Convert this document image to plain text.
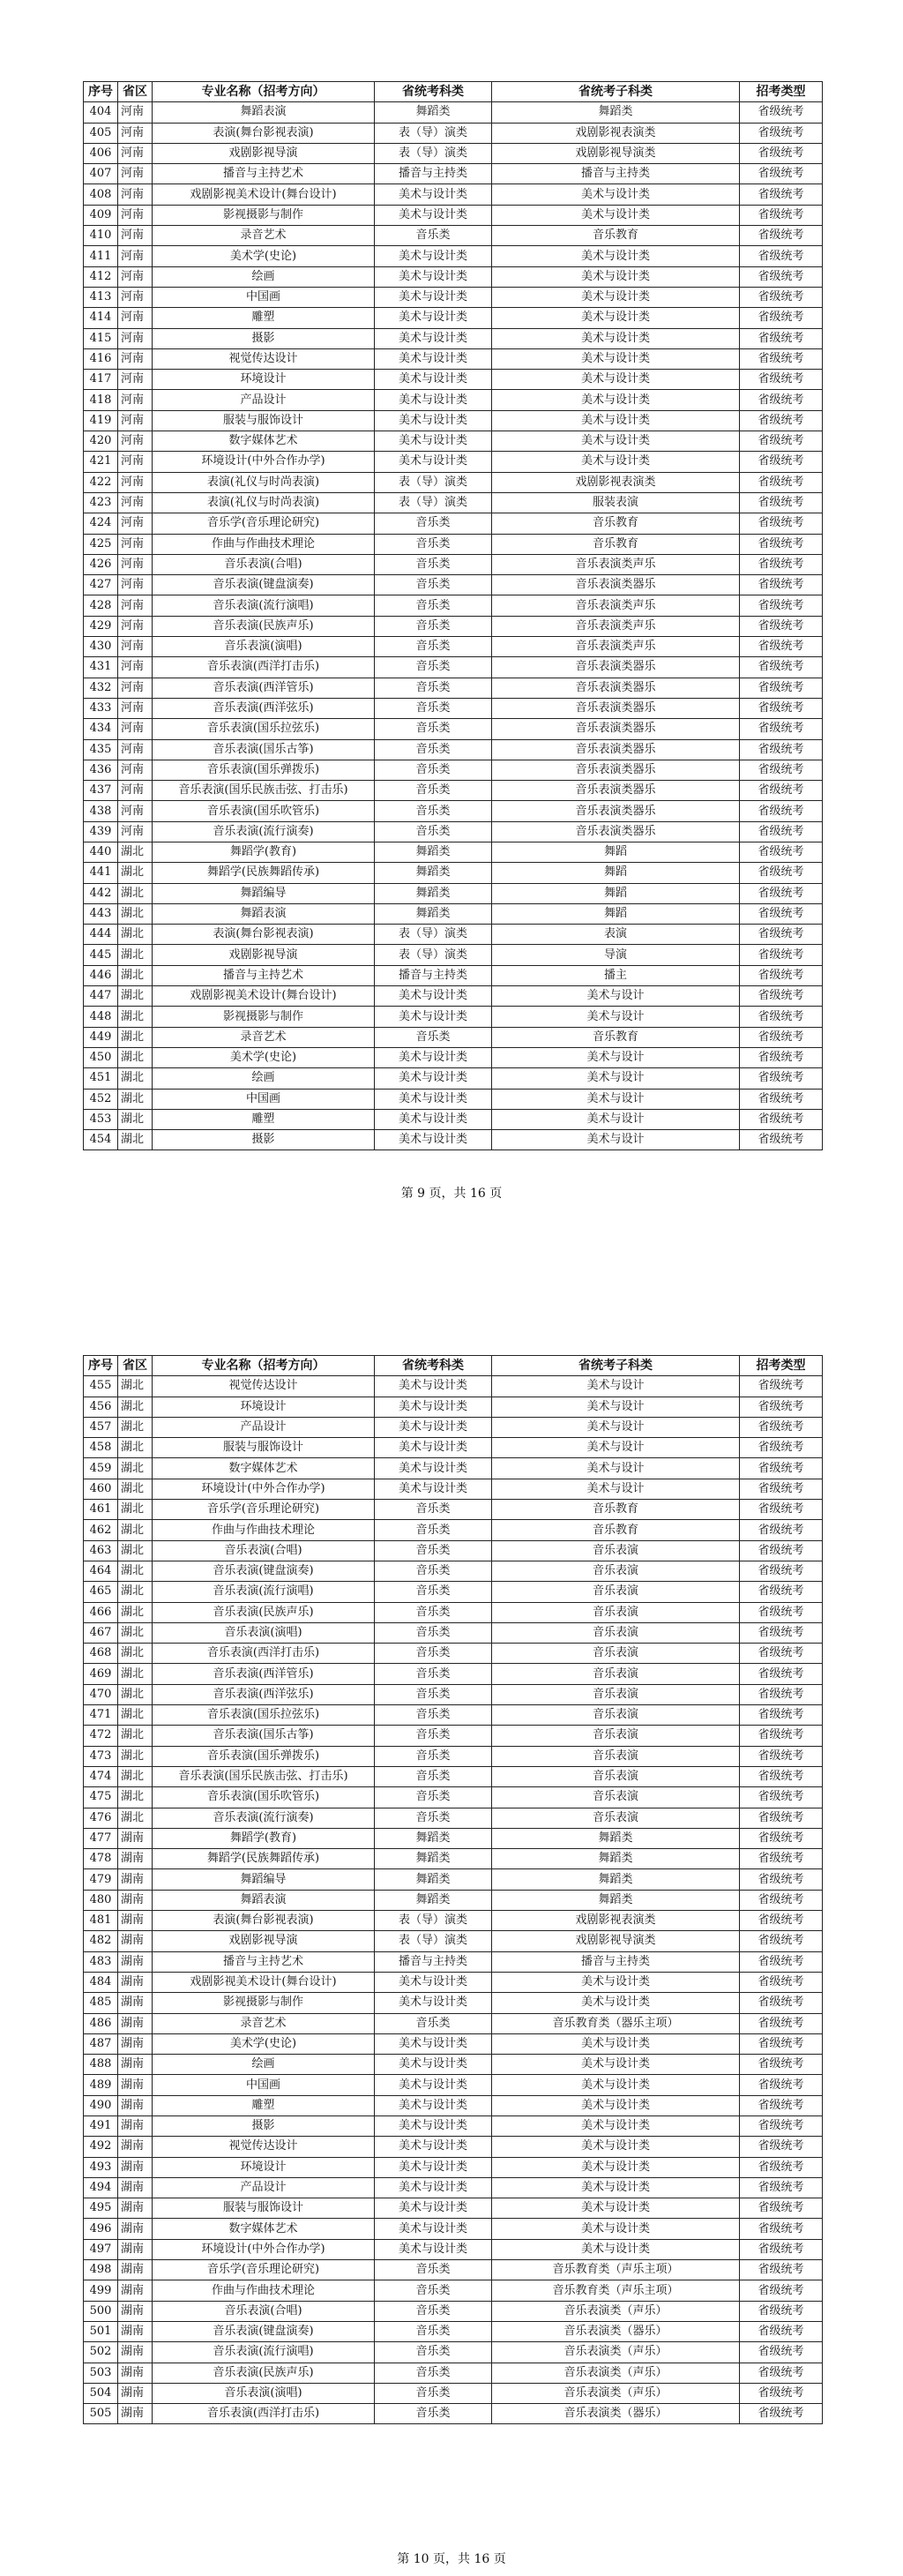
序号	省区	专业名称（招考方向）	省统考科类	省统考子科类	招考类型
404	河南	舞蹈表演	舞蹈类	舞蹈类	省级统考
405	河南	表演(舞台影视表演)	表（导）演类	戏剧影视表演类	省级统考
406	河南	戏剧影视导演	表（导）演类	戏剧影视导演类	省级统考
407	河南	播音与主持艺术	播音与主持类	播音与主持类	省级统考
408	河南	戏剧影视美术设计(舞台设计)	美术与设计类	美术与设计类	省级统考
409	河南	影视摄影与制作	美术与设计类	美术与设计类	省级统考
410	河南	录音艺术	音乐类	音乐教育	省级统考
411	河南	美术学(史论)	美术与设计类	美术与设计类	省级统考
412	河南	绘画	美术与设计类	美术与设计类	省级统考
413	河南	中国画	美术与设计类	美术与设计类	省级统考
414	河南	雕塑	美术与设计类	美术与设计类	省级统考
415	河南	摄影	美术与设计类	美术与设计类	省级统考
416	河南	视觉传达设计	美术与设计类	美术与设计类	省级统考
417	河南	环境设计	美术与设计类	美术与设计类	省级统考
418	河南	产品设计	美术与设计类	美术与设计类	省级统考
419	河南	服装与服饰设计	美术与设计类	美术与设计类	省级统考
420	河南	数字媒体艺术	美术与设计类	美术与设计类	省级统考
421	河南	环境设计(中外合作办学)	美术与设计类	美术与设计类	省级统考
422	河南	表演(礼仪与时尚表演)	表（导）演类	戏剧影视表演类	省级统考
423	河南	表演(礼仪与时尚表演)	表（导）演类	服装表演	省级统考
424	河南	音乐学(音乐理论研究)	音乐类	音乐教育	省级统考
425	河南	作曲与作曲技术理论	音乐类	音乐教育	省级统考
426	河南	音乐表演(合唱)	音乐类	音乐表演类声乐	省级统考
427	河南	音乐表演(键盘演奏)	音乐类	音乐表演类器乐	省级统考
428	河南	音乐表演(流行演唱)	音乐类	音乐表演类声乐	省级统考
429	河南	音乐表演(民族声乐)	音乐类	音乐表演类声乐	省级统考
430	河南	音乐表演(演唱)	音乐类	音乐表演类声乐	省级统考
431	河南	音乐表演(西洋打击乐)	音乐类	音乐表演类器乐	省级统考
432	河南	音乐表演(西洋管乐)	音乐类	音乐表演类器乐	省级统考
433	河南	音乐表演(西洋弦乐)	音乐类	音乐表演类器乐	省级统考
434	河南	音乐表演(国乐拉弦乐)	音乐类	音乐表演类器乐	省级统考
435	河南	音乐表演(国乐古筝)	音乐类	音乐表演类器乐	省级统考
436	河南	音乐表演(国乐弹拨乐)	音乐类	音乐表演类器乐	省级统考
437	河南	音乐表演(国乐民族击弦、打击乐)	音乐类	音乐表演类器乐	省级统考
438	河南	音乐表演(国乐吹管乐)	音乐类	音乐表演类器乐	省级统考
439	河南	音乐表演(流行演奏)	音乐类	音乐表演类器乐	省级统考
440	湖北	舞蹈学(教育)	舞蹈类	舞蹈	省级统考
441	湖北	舞蹈学(民族舞蹈传承)	舞蹈类	舞蹈	省级统考
442	湖北	舞蹈编导	舞蹈类	舞蹈	省级统考
443	湖北	舞蹈表演	舞蹈类	舞蹈	省级统考
444	湖北	表演(舞台影视表演)	表（导）演类	表演	省级统考
445	湖北	戏剧影视导演	表（导）演类	导演	省级统考
446	湖北	播音与主持艺术	播音与主持类	播主	省级统考
447	湖北	戏剧影视美术设计(舞台设计)	美术与设计类	美术与设计	省级统考
448	湖北	影视摄影与制作	美术与设计类	美术与设计	省级统考
449	湖北	录音艺术	音乐类	音乐教育	省级统考
450	湖北	美术学(史论)	美术与设计类	美术与设计	省级统考
451	湖北	绘画	美术与设计类	美术与设计	省级统考
452	湖北	中国画	美术与设计类	美术与设计	省级统考
453	湖北	雕塑	美术与设计类	美术与设计	省级统考
454	湖北	摄影	美术与设计类	美术与设计	省级统考
第 9 页，共 16 页
序号	省区	专业名称（招考方向）	省统考科类	省统考子科类	招考类型
455	湖北	视觉传达设计	美术与设计类	美术与设计	省级统考
456	湖北	环境设计	美术与设计类	美术与设计	省级统考
457	湖北	产品设计	美术与设计类	美术与设计	省级统考
458	湖北	服装与服饰设计	美术与设计类	美术与设计	省级统考
459	湖北	数字媒体艺术	美术与设计类	美术与设计	省级统考
460	湖北	环境设计(中外合作办学)	美术与设计类	美术与设计	省级统考
461	湖北	音乐学(音乐理论研究)	音乐类	音乐教育	省级统考
462	湖北	作曲与作曲技术理论	音乐类	音乐教育	省级统考
463	湖北	音乐表演(合唱)	音乐类	音乐表演	省级统考
464	湖北	音乐表演(键盘演奏)	音乐类	音乐表演	省级统考
465	湖北	音乐表演(流行演唱)	音乐类	音乐表演	省级统考
466	湖北	音乐表演(民族声乐)	音乐类	音乐表演	省级统考
467	湖北	音乐表演(演唱)	音乐类	音乐表演	省级统考
468	湖北	音乐表演(西洋打击乐)	音乐类	音乐表演	省级统考
469	湖北	音乐表演(西洋管乐)	音乐类	音乐表演	省级统考
470	湖北	音乐表演(西洋弦乐)	音乐类	音乐表演	省级统考
471	湖北	音乐表演(国乐拉弦乐)	音乐类	音乐表演	省级统考
472	湖北	音乐表演(国乐古筝)	音乐类	音乐表演	省级统考
473	湖北	音乐表演(国乐弹拨乐)	音乐类	音乐表演	省级统考
474	湖北	音乐表演(国乐民族击弦、打击乐)	音乐类	音乐表演	省级统考
475	湖北	音乐表演(国乐吹管乐)	音乐类	音乐表演	省级统考
476	湖北	音乐表演(流行演奏)	音乐类	音乐表演	省级统考
477	湖南	舞蹈学(教育)	舞蹈类	舞蹈类	省级统考
478	湖南	舞蹈学(民族舞蹈传承)	舞蹈类	舞蹈类	省级统考
479	湖南	舞蹈编导	舞蹈类	舞蹈类	省级统考
480	湖南	舞蹈表演	舞蹈类	舞蹈类	省级统考
481	湖南	表演(舞台影视表演)	表（导）演类	戏剧影视表演类	省级统考
482	湖南	戏剧影视导演	表（导）演类	戏剧影视导演类	省级统考
483	湖南	播音与主持艺术	播音与主持类	播音与主持类	省级统考
484	湖南	戏剧影视美术设计(舞台设计)	美术与设计类	美术与设计类	省级统考
485	湖南	影视摄影与制作	美术与设计类	美术与设计类	省级统考
486	湖南	录音艺术	音乐类	音乐教育类（器乐主项）	省级统考
487	湖南	美术学(史论)	美术与设计类	美术与设计类	省级统考
488	湖南	绘画	美术与设计类	美术与设计类	省级统考
489	湖南	中国画	美术与设计类	美术与设计类	省级统考
490	湖南	雕塑	美术与设计类	美术与设计类	省级统考
491	湖南	摄影	美术与设计类	美术与设计类	省级统考
492	湖南	视觉传达设计	美术与设计类	美术与设计类	省级统考
493	湖南	环境设计	美术与设计类	美术与设计类	省级统考
494	湖南	产品设计	美术与设计类	美术与设计类	省级统考
495	湖南	服装与服饰设计	美术与设计类	美术与设计类	省级统考
496	湖南	数字媒体艺术	美术与设计类	美术与设计类	省级统考
497	湖南	环境设计(中外合作办学)	美术与设计类	美术与设计类	省级统考
498	湖南	音乐学(音乐理论研究)	音乐类	音乐教育类（声乐主项）	省级统考
499	湖南	作曲与作曲技术理论	音乐类	音乐教育类（声乐主项）	省级统考
500	湖南	音乐表演(合唱)	音乐类	音乐表演类（声乐）	省级统考
501	湖南	音乐表演(键盘演奏)	音乐类	音乐表演类（器乐）	省级统考
502	湖南	音乐表演(流行演唱)	音乐类	音乐表演类（声乐）	省级统考
503	湖南	音乐表演(民族声乐)	音乐类	音乐表演类（声乐）	省级统考
504	湖南	音乐表演(演唱)	音乐类	音乐表演类（声乐）	省级统考
505	湖南	音乐表演(西洋打击乐)	音乐类	音乐表演类（器乐）	省级统考
第 10 页，共 16 页
